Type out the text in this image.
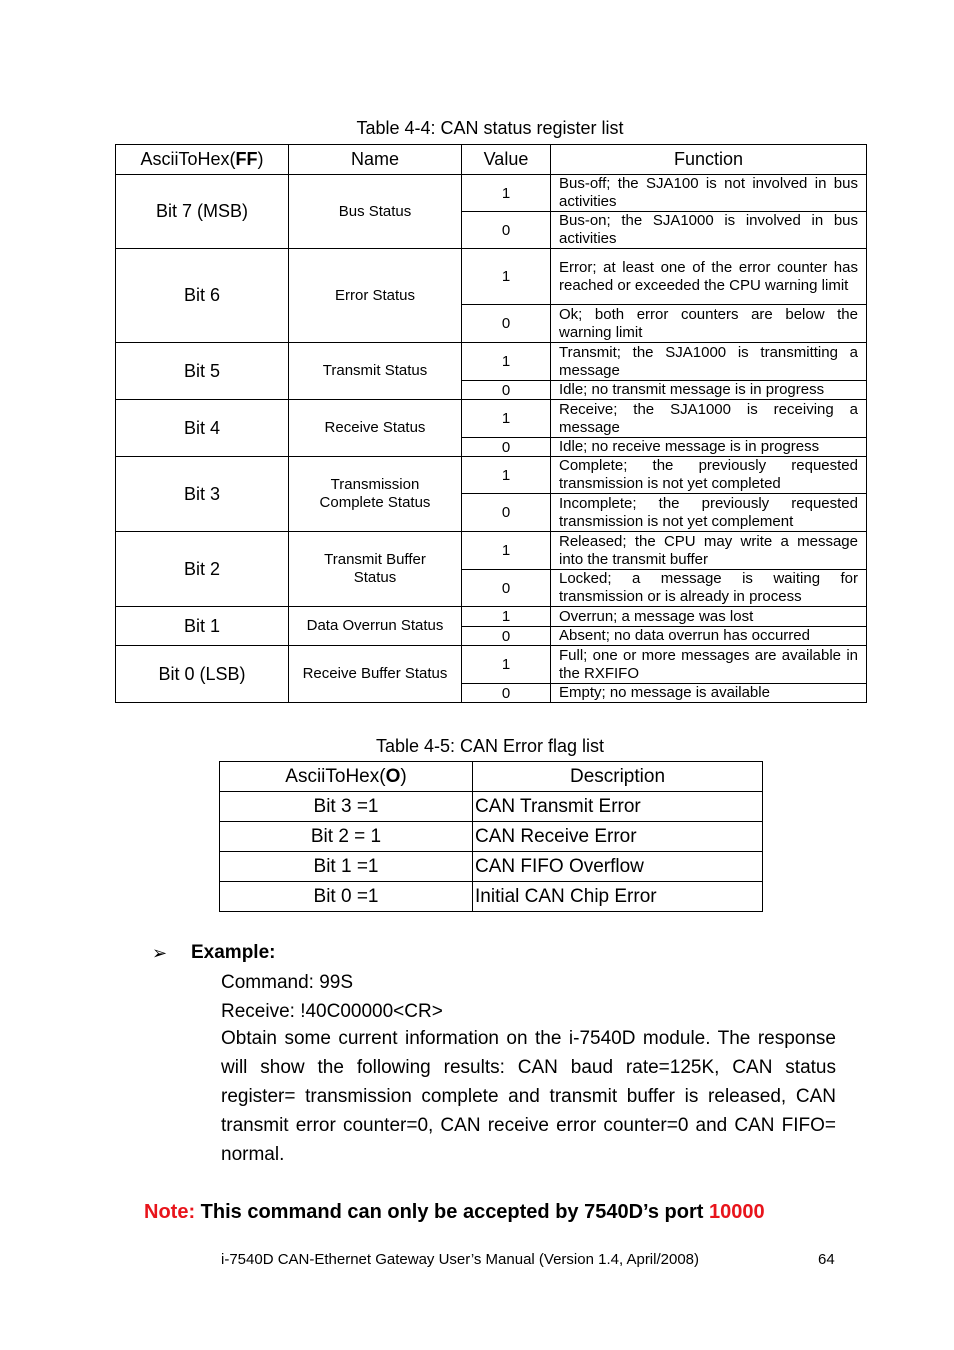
Table 4-4: CAN status register list
AsciiToHex(FF)	Name	Value	Function
Bit 7 (MSB)	Bus Status	1	Bus-off; the SJA100 is not involved in bus activities
		0	Bus-on; the SJA1000 is involved in bus activities
Bit 6	Error Status	1	Error; at least one of the error counter has reached or exceeded the CPU warning limit
		0	Ok; both error counters are below the warning limit
Bit 5	Transmit Status	1	Transmit; the SJA1000 is transmitting a message
		0	Idle; no transmit message is in progress
Bit 4	Receive Status	1	Receive; the SJA1000 is receiving a message
		0	Idle; no receive message is in progress
Bit 3	Transmission Complete Status	1	Complete; the previously requested transmission is not yet completed
		0	Incomplete; the previously requested transmission is not yet complement
Bit 2	Transmit Buffer Status	1	Released; the CPU may write a message into the transmit buffer
		0	Locked; a message is waiting for transmission or is already in process
Bit 1	Data Overrun Status	1	Overrun; a message was lost
		0	Absent; no data overrun has occurred
Bit 0 (LSB)	Receive Buffer Status	1	Full; one or more messages are available in the RXFIFO
		0	Empty; no message is available
Table 4-5: CAN Error flag list
AsciiToHex(O)	Description
Bit 3 =1	CAN Transmit Error
Bit 2 = 1	CAN Receive Error
Bit 1 =1	CAN FIFO Overflow
Bit 0 =1	Initial CAN Chip Error
➢ Example:
Command: 99S
Receive: !40C00000<CR>
Obtain some current information on the i-7540D module. The response will show the following results: CAN baud rate=125K, CAN status register= transmission complete and transmit buffer is released, CAN transmit error counter=0, CAN receive error counter=0 and CAN FIFO= normal.
Note: This command can only be accepted by 7540D’s port 10000
i-7540D CAN-Ethernet Gateway User’s Manual (Version 1.4, April/2008)	64
